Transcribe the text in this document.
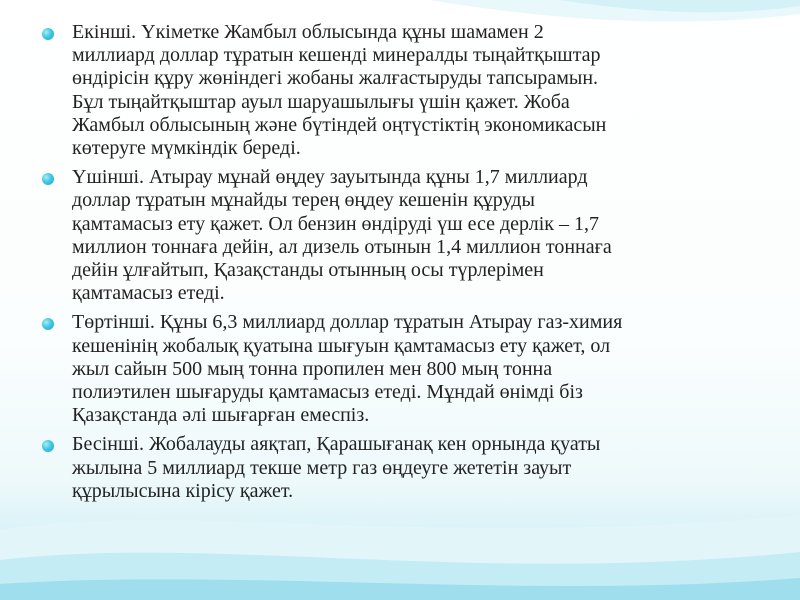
Екінші. Үкіметке Жамбыл облысында құны шамамен 2
миллиард доллар тұратын кешенді минералды тыңайтқыштар
өндірісін құру жөніндегі жобаны жалғастыруды тапсырамын.
Бұл тыңайтқыштар ауыл шаруашылығы үшін қажет. Жоба
Жамбыл облысының және бүтіндей оңтүстіктің экономикасын
көтеруге мүмкіндік береді.
Үшінші. Атырау мұнай өңдеу зауытында құны 1,7 миллиард
доллар тұратын мұнайды терең өңдеу кешенін құруды
қамтамасыз ету қажет. Ол бензин өндіруді үш есе дерлік – 1,7
миллион тоннаға дейін, ал дизель отынын 1,4 миллион тоннаға
дейін ұлғайтып, Қазақстанды отынның осы түрлерімен
қамтамасыз етеді.
Төртінші. Құны 6,3 миллиард доллар тұратын Атырау газ-химия
кешенінің жобалық қуатына шығуын қамтамасыз ету қажет, ол
жыл сайын 500 мың тонна пропилен мен 800 мың тонна
полиэтилен шығаруды қамтамасыз етеді. Мұндай өнімді біз
Қазақстанда әлі шығарған емеспіз.
Бесінші. Жобалауды аяқтап, Қарашығанақ кен орнында қуаты
жылына 5 миллиард текше метр газ өңдеуге жететін зауыт
құрылысына кірісу қажет.
